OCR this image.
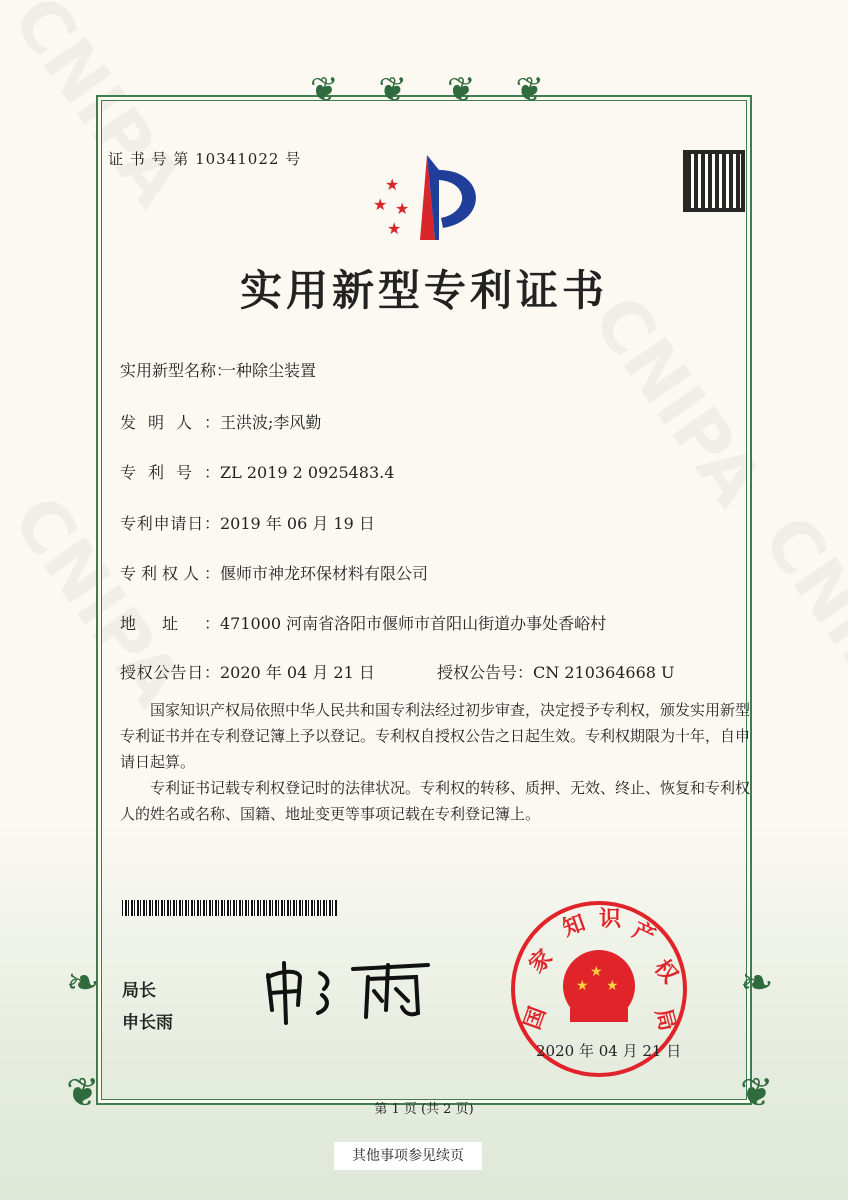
❦❦❦❦
❦	❦
❧	❧
证 书 号 第 10341022 号
★
★ ★
★
实用新型专利证书
实用新型名称：一种除尘装置
发明人：王洪波;李风勤
专利号：ZL 2019 2 0925483.4
专利申请日：2019 年 06 月 19 日
专利权人：偃师市神龙环保材料有限公司
地址：471000 河南省洛阳市偃师市首阳山街道办事处香峪村
授权公告日：2020 年 04 月 21 日	授权公告号：CN 210364668 U
国家知识产权局依照中华人民共和国专利法经过初步审查，决定授予专利权，颁发实用新型专利证书并在专利登记簿上予以登记。专利权自授权公告之日起生效。专利权期限为十年，自申请日起算。
专利证书记载专利权登记时的法律状况。专利权的转移、质押、无效、终止、恢复和专利权人的姓名或名称、国籍、地址变更等事项记载在专利登记簿上。
局长
申长雨
★
★ ★
国
家
知 识 产
权
局
2020 年 04 月 21 日
第 1 页 (共 2 页)
其他事项参见续页
